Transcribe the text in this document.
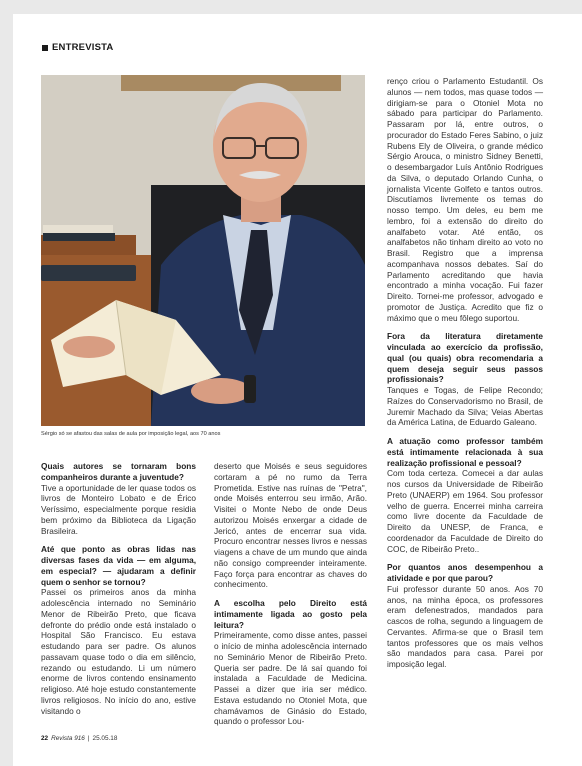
ENTREVISTA
Sérgio só se afastou das salas de aula por imposição legal, aos 70 anos

Quais autores se tornaram bons companheiros durante a juventude?

Tive a oportunidade de ler quase todos os livros de Monteiro Lobato e de Érico Veríssimo, especialmente porque residia bem próximo da Biblioteca da Ligação Brasileira.

Até que ponto as obras lidas nas diversas fases da vida — em alguma, em especial? — ajudaram a definir quem o senhor se tornou?

Passei os primeiros anos da minha adolescência internado no Seminário Menor de Ribeirão Preto, que ficava defronte do prédio onde está instalado o Hospital São Francisco. Eu estava estudando para ser padre. Os alunos passavam quase todo o dia em silêncio, rezando ou estudando. Li um número enorme de livros contendo ensinamento religioso. Até hoje estudo constantemente livros religiosos. No início do ano, estive visitando o

deserto que Moisés e seus seguidores cortaram a pé no rumo da Terra Prometida. Estive nas ruínas de "Petra", onde Moisés enterrou seu irmão, Arão. Visitei o Monte Nebo de onde Deus autorizou Moisés enxergar a cidade de Jericó, antes de encerrar sua vida. Procuro encontrar nesses livros e nessas viagens a chave de um mundo que ainda não consigo compreender inteiramente. Faço força para encontrar as chaves do conhecimento.

A escolha pelo Direito está intimamente ligada ao gosto pela leitura?

Primeiramente, como disse antes, passei o início de minha adolescência internado no Seminário Menor de Ribeirão Preto. Queria ser padre. De lá saí quando foi instalada a Faculdade de Medicina. Passei a dizer que iria ser médico. Estava estudando no Otoniel Mota, que chamávamos de Ginásio do Estado, quando o professor Lou-

renço criou o Parlamento Estudantil. Os alunos — nem todos, mas quase todos — dirigiam-se para o Otoniel Mota no sábado para participar do Parlamento. Passaram por lá, entre outros, o procurador do Estado Feres Sabino, o juiz Rubens Ely de Oliveira, o grande médico Sérgio Arouca, o ministro Sidney Benetti, o desembargador Luís Antônio Rodrigues da Silva, o deputado Orlando Cunha, o jornalista Vicente Golfeto e tantos outros. Discutíamos livremente os temas do nosso tempo. Um deles, eu bem me lembro, foi a extensão do direito do analfabeto votar. Até então, os analfabetos não tinham direito ao voto no Brasil. Registro que a imprensa acompanhava nossos debates. Saí do Parlamento acreditando que havia encontrado a minha vocação. Fui fazer Direito. Tornei-me professor, advogado e promotor de Justiça. Acredito que fiz o máximo que o meu fôlego suportou.

Fora da literatura diretamente vinculada ao exercício da profissão, qual (ou quais) obra recomendaria a quem deseja seguir seus passos profissionais?

Tanques e Togas, de Felipe Recondo; Raízes do Conservadorismo no Brasil, de Juremir Machado da Silva; Veias Abertas da América Latina, de Eduardo Galeano.

A atuação como professor também está intimamente relacionada à sua realização profissional e pessoal?

Com toda certeza. Comecei a dar aulas nos cursos da Universidade de Ribeirão Preto (UNAERP) em 1964. Sou professor velho de guerra. Encerrei minha carreira como livre docente da Faculdade de Direito da UNESP, de Franca, e coordenador da Faculdade de Direito do COC, de Ribeirão Preto..

Por quantos anos desempenhou a atividade e por que parou?

Fui professor durante 50 anos. Aos 70 anos, na minha época, os professores eram defenestrados, mandados para cascos de rolha, segundo a linguagem de Cervantes. Afirma-se que o Brasil tem tantos professores que os mais velhos são mandados para casa. Parei por imposição legal.

22 Revista 916 | 25.05.18
